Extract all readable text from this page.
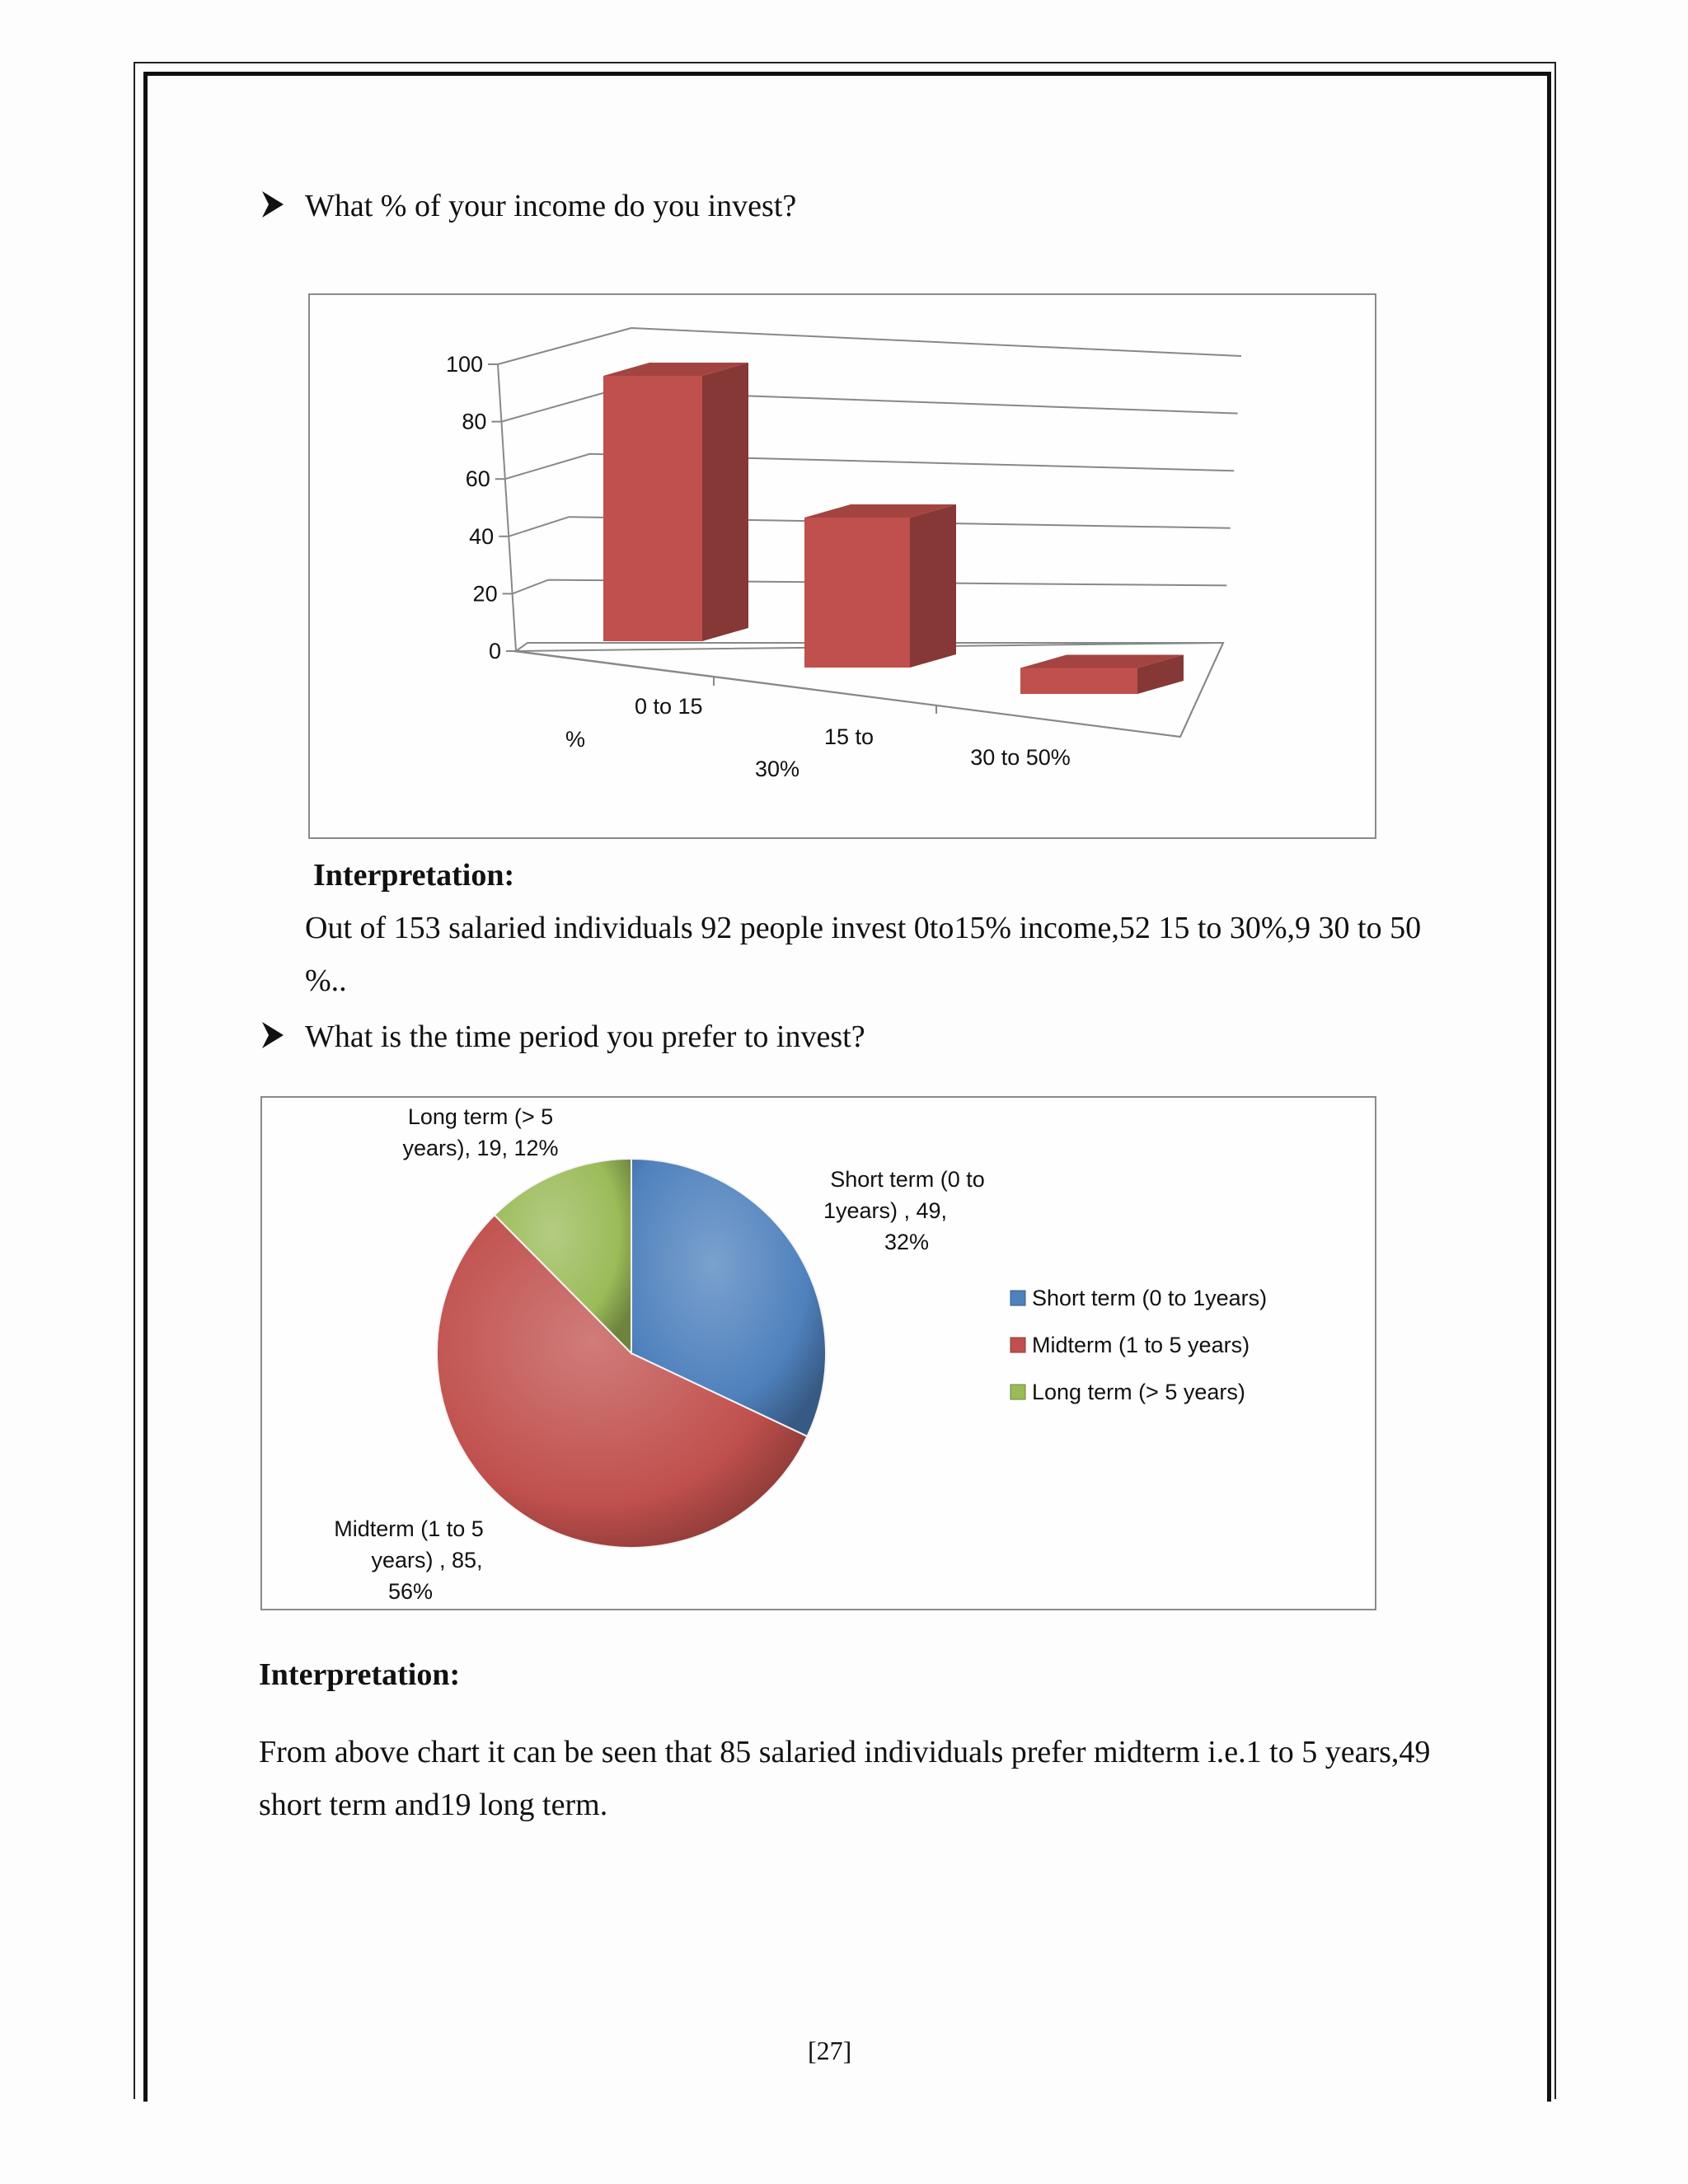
What % of your income do you invest?
0
20
40
60
80
100
0 to 15
%	15 to
30%	30 to 50%
Interpretation:
Out of 153 salaried individuals 92 people invest 0to15% income,52 15 to 30%,9 30 to 50
%..
What is the time period you prefer to invest?
Short term (0 to
1years) , 49,
32%
Midterm (1 to 5
years) , 85,
56%
Long term (> 5
years), 19, 12%
Short term (0 to 1years)
Midterm (1 to 5 years)
Long term (> 5 years)
Interpretation:
From above chart it can be seen that 85 salaried individuals prefer midterm i.e.1 to 5 years,49
short term and19 long term.
[27]
